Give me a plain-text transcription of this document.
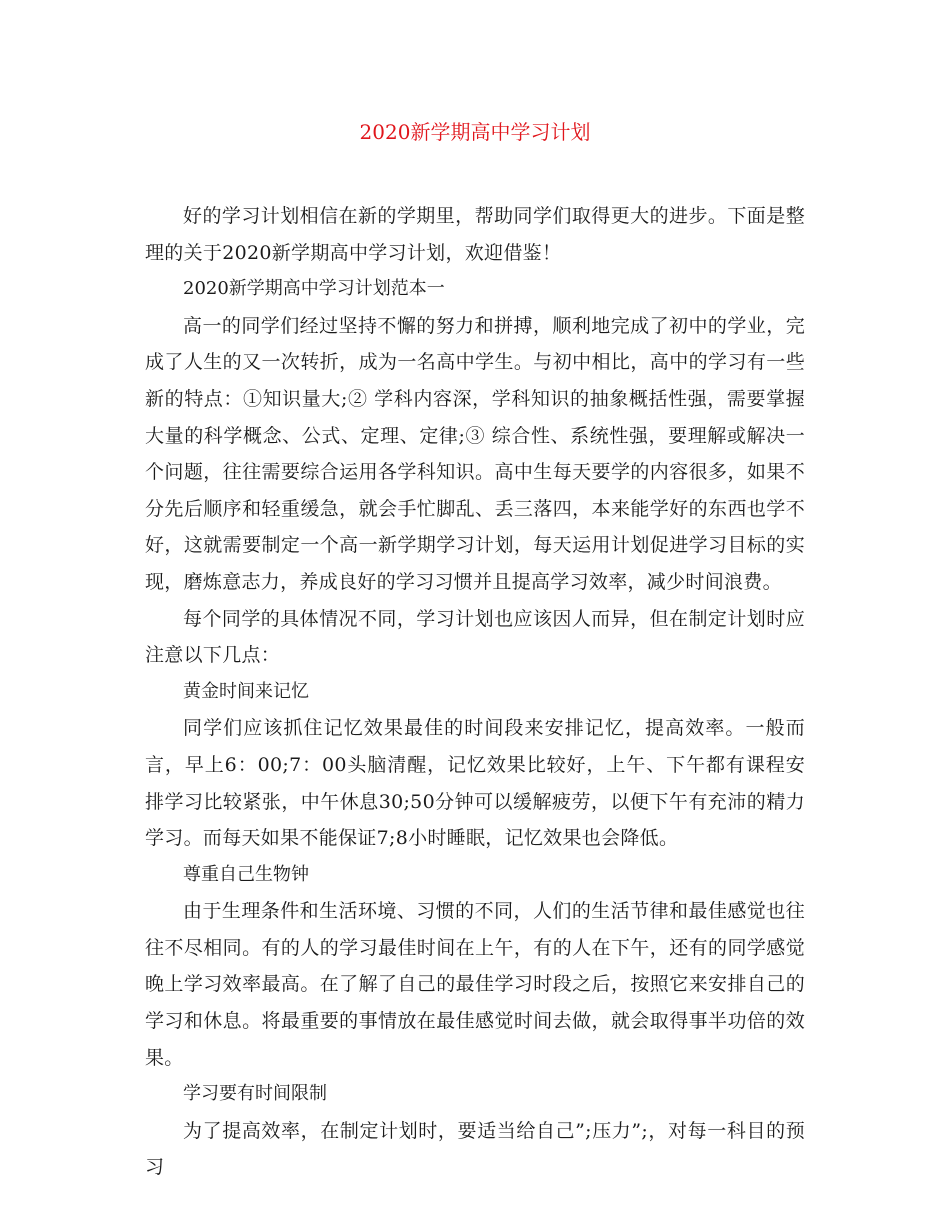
2020新学期高中学习计划

好的学习计划相信在新的学期里，帮助同学们取得更大的进步。下面是整理的关于2020新学期高中学习计划，欢迎借鉴！

2020新学期高中学习计划范本一

高一的同学们经过坚持不懈的努力和拼搏，顺利地完成了初中的学业，完成了人生的又一次转折，成为一名高中学生。与初中相比，高中的学习有一些新的特点：①知识量大;② 学科内容深，学科知识的抽象概括性强，需要掌握大量的科学概念、公式、定理、定律;③ 综合性、系统性强，要理解或解决一个问题，往往需要综合运用各学科知识。高中生每天要学的内容很多，如果不分先后顺序和轻重缓急，就会手忙脚乱、丢三落四，本来能学好的东西也学不好，这就需要制定一个高一新学期学习计划，每天运用计划促进学习目标的实现，磨炼意志力，养成良好的学习习惯并且提高学习效率，减少时间浪费。

每个同学的具体情况不同，学习计划也应该因人而异，但在制定计划时应注意以下几点：

黄金时间来记忆

同学们应该抓住记忆效果最佳的时间段来安排记忆，提高效率。一般而言，早上6：00;7：00头脑清醒，记忆效果比较好，上午、下午都有课程安排学习比较紧张，中午休息30;50分钟可以缓解疲劳，以便下午有充沛的精力学习。而每天如果不能保证7;8小时睡眠，记忆效果也会降低。

尊重自己生物钟

由于生理条件和生活环境、习惯的不同，人们的生活节律和最佳感觉也往往不尽相同。有的人的学习最佳时间在上午，有的人在下午，还有的同学感觉晚上学习效率最高。在了解了自己的最佳学习时段之后，按照它来安排自己的学习和休息。将最重要的事情放在最佳感觉时间去做，就会取得事半功倍的效果。

学习要有时间限制

为了提高效率，在制定计划时，要适当给自己”;压力”;，对每一科目的预习
